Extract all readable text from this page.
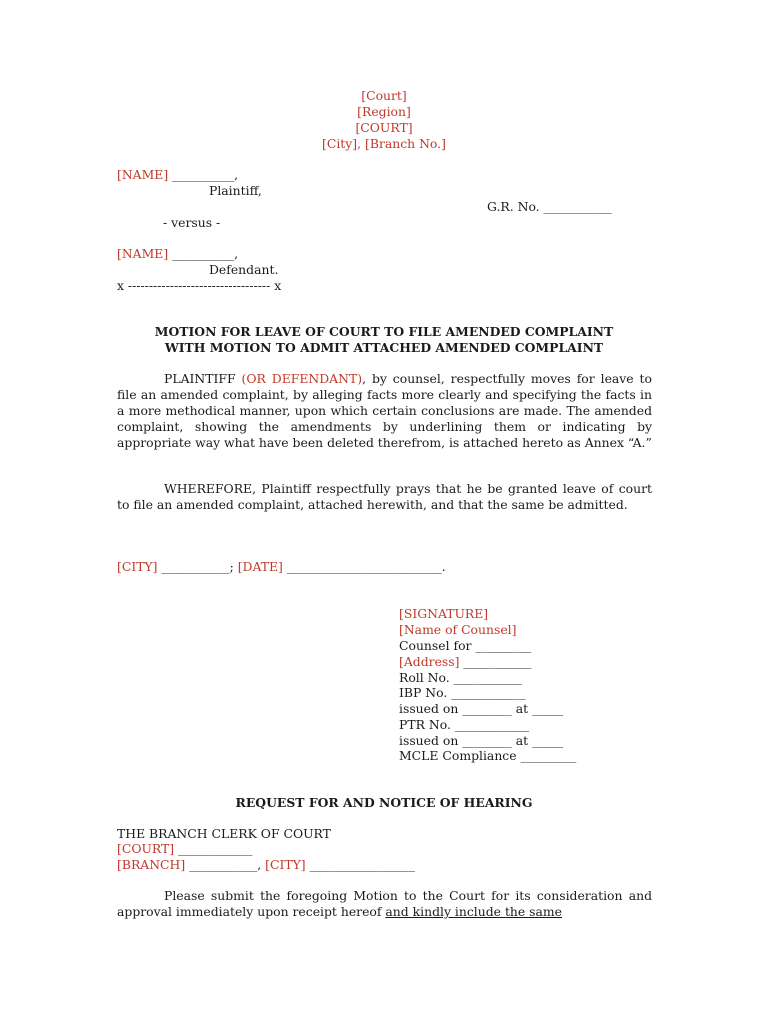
[Court]
[Region]
[COURT]
[City], [Branch No.]
[NAME] __________,
Plaintiff,
G.R. No. ___________
- versus -
[NAME] __________,
Defendant.
x ---------------------------------- x
MOTION FOR LEAVE OF COURT TO FILE AMENDED COMPLAINT
WITH MOTION TO ADMIT ATTACHED AMENDED COMPLAINT
PLAINTIFF (OR DEFENDANT), by counsel, respectfully moves for leave to file an amended complaint, by alleging facts more clearly and specifying the facts in a more methodical manner, upon which certain conclusions are made. The amended complaint, showing the amendments by underlining them or indicating by appropriate way what have been deleted therefrom, is attached hereto as Annex “A.”
WHEREFORE, Plaintiff respectfully prays that he be granted leave of court to file an amended complaint, attached herewith, and that the same be admitted.
[CITY] ___________; [DATE] _________________________.
[SIGNATURE]
[Name of Counsel]
Counsel for _________
[Address] ___________
Roll No. ___________
IBP No. ____________
issued on ________ at _____
PTR No. ____________
issued on ________ at _____
MCLE Compliance _________
REQUEST FOR AND NOTICE OF HEARING
THE BRANCH CLERK OF COURT
[COURT] ____________
[BRANCH] ___________, [CITY] _________________
Please submit the foregoing Motion to the Court for its consideration and approval immediately upon receipt hereof and kindly include the same
